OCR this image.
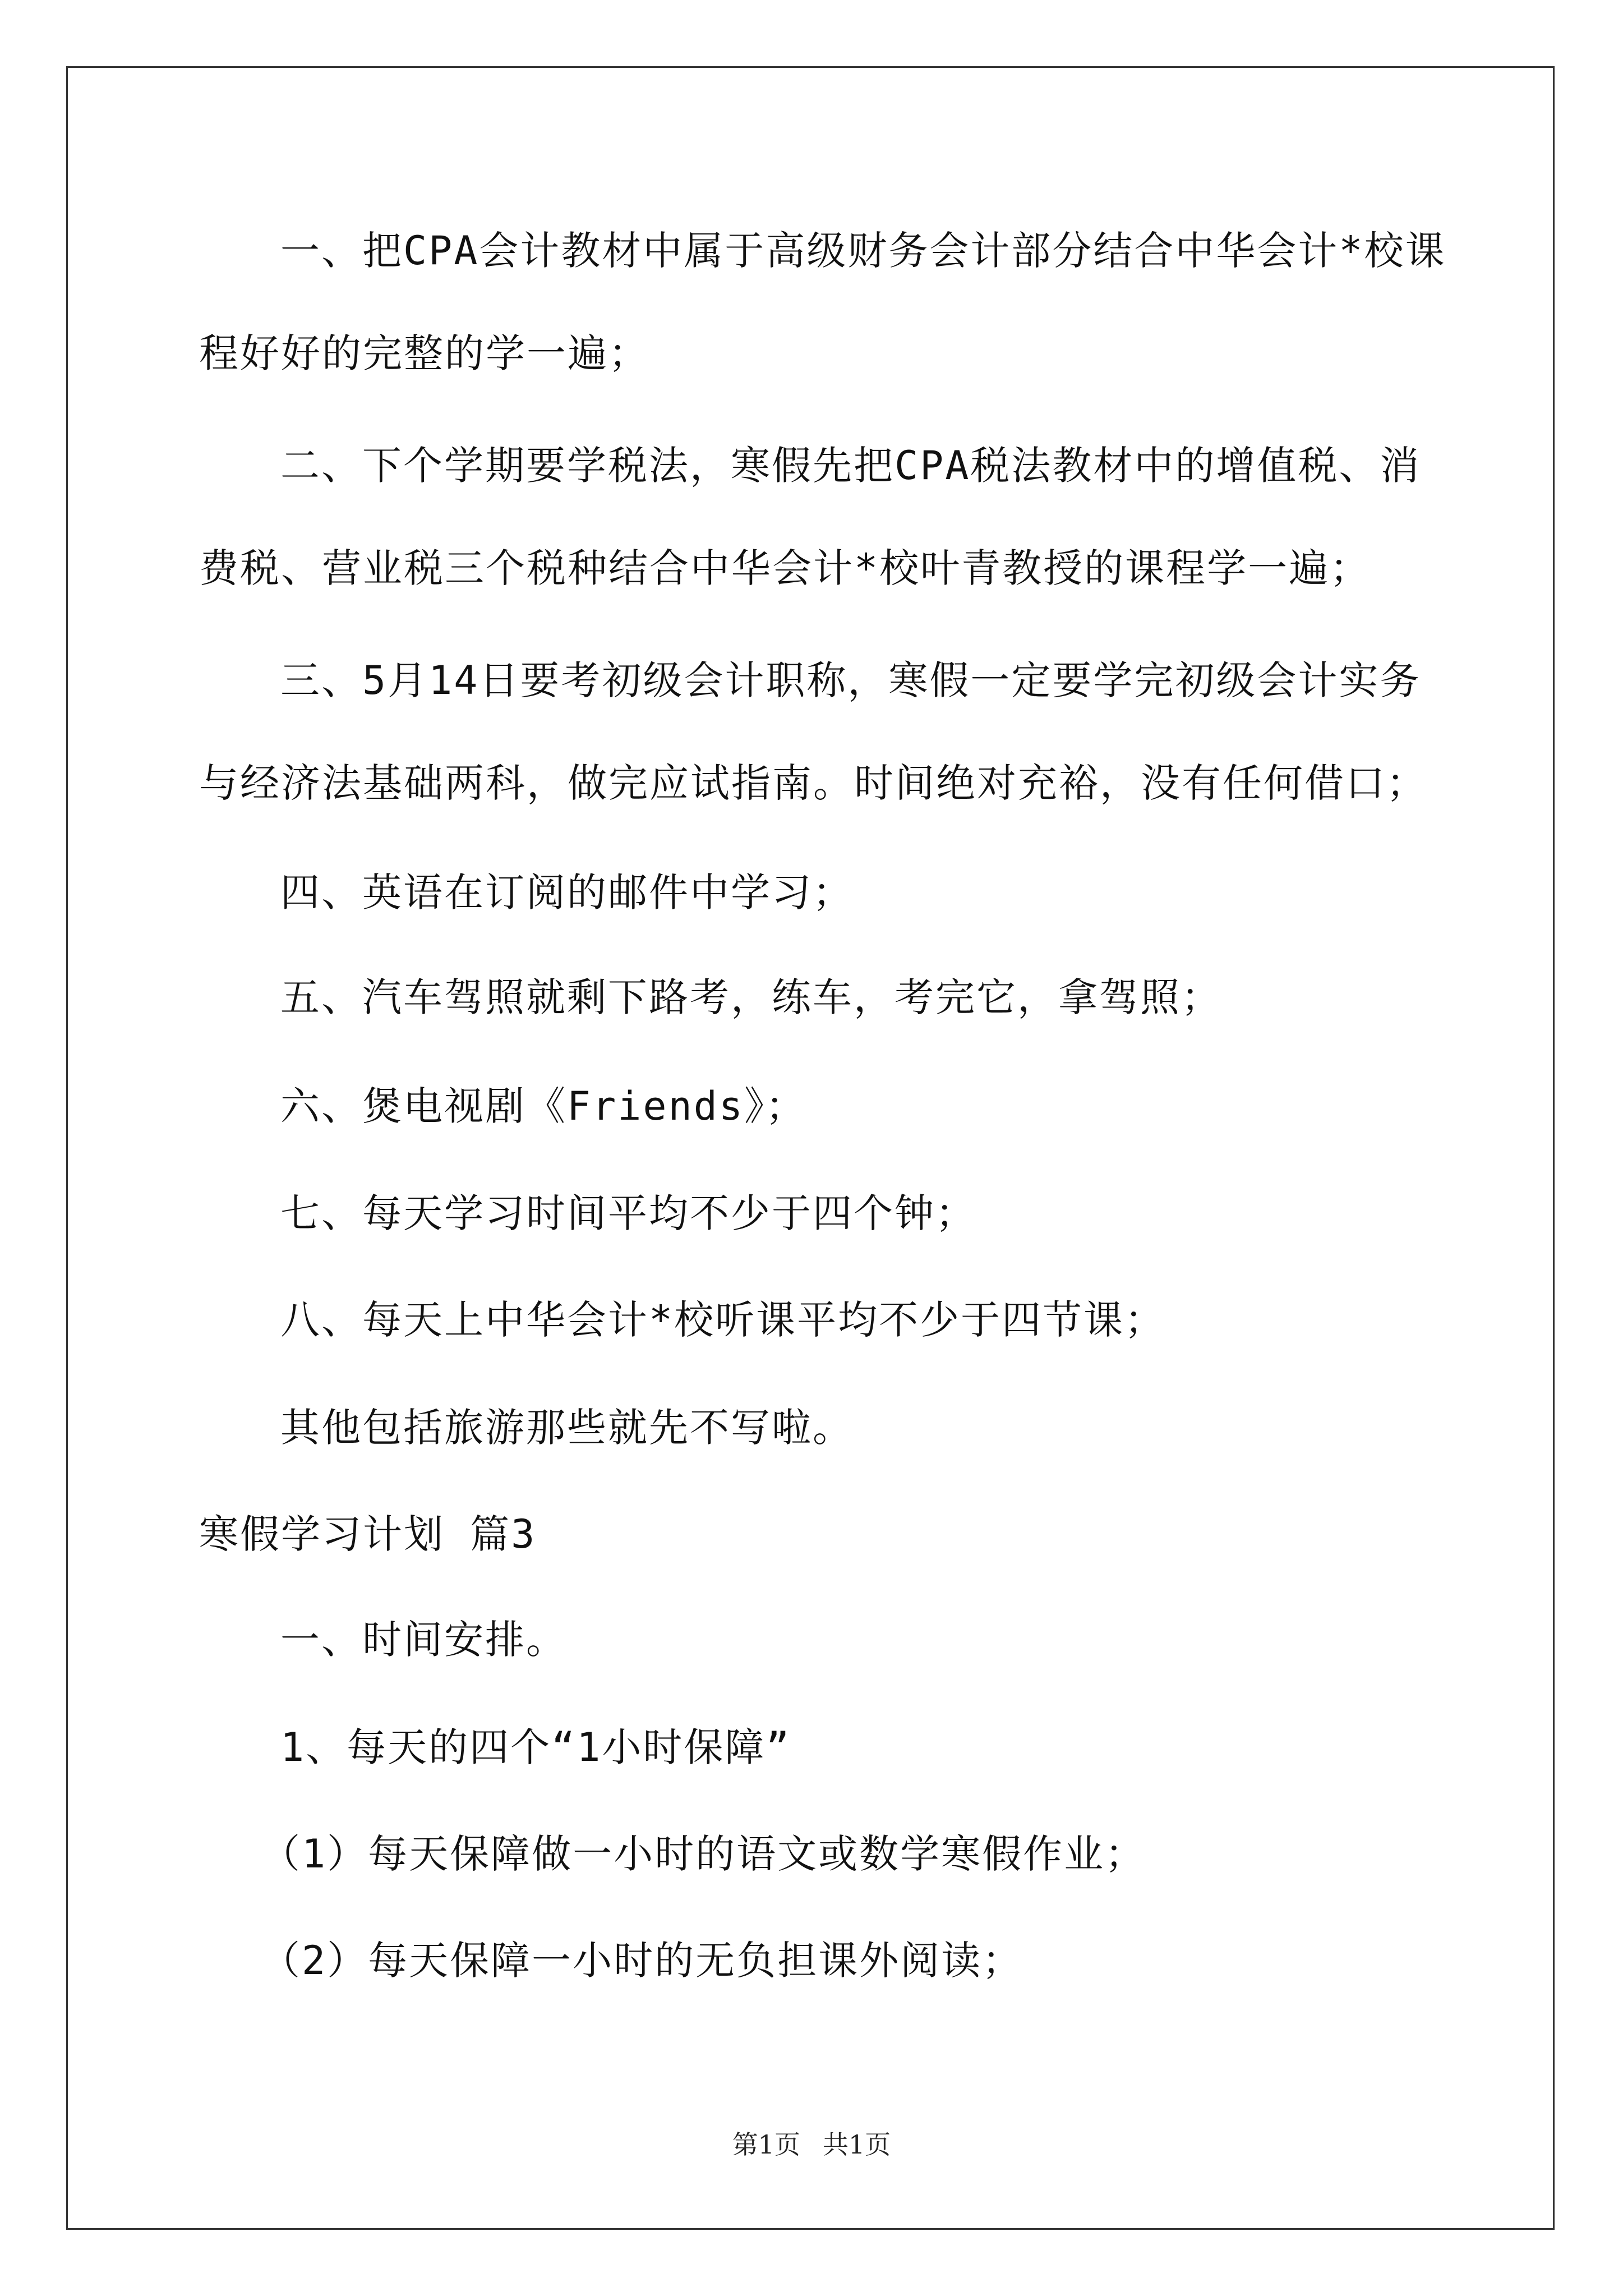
一、把CPA会计教材中属于高级财务会计部分结合中华会计*校课
程好好的完整的学一遍；
二、下个学期要学税法，寒假先把CPA税法教材中的增值税、消
费税、营业税三个税种结合中华会计*校叶青教授的课程学一遍；
三、5月14日要考初级会计职称，寒假一定要学完初级会计实务
与经济法基础两科，做完应试指南。时间绝对充裕，没有任何借口；
四、英语在订阅的邮件中学习；
五、汽车驾照就剩下路考，练车，考完它，拿驾照；
六、煲电视剧《Friends》；
七、每天学习时间平均不少于四个钟；
八、每天上中华会计*校听课平均不少于四节课；
其他包括旅游那些就先不写啦。
寒假学习计划 篇3
一、时间安排。
1、每天的四个“1小时保障”
（1）每天保障做一小时的语文或数学寒假作业；
（2）每天保障一小时的无负担课外阅读；
第1页 共1页
